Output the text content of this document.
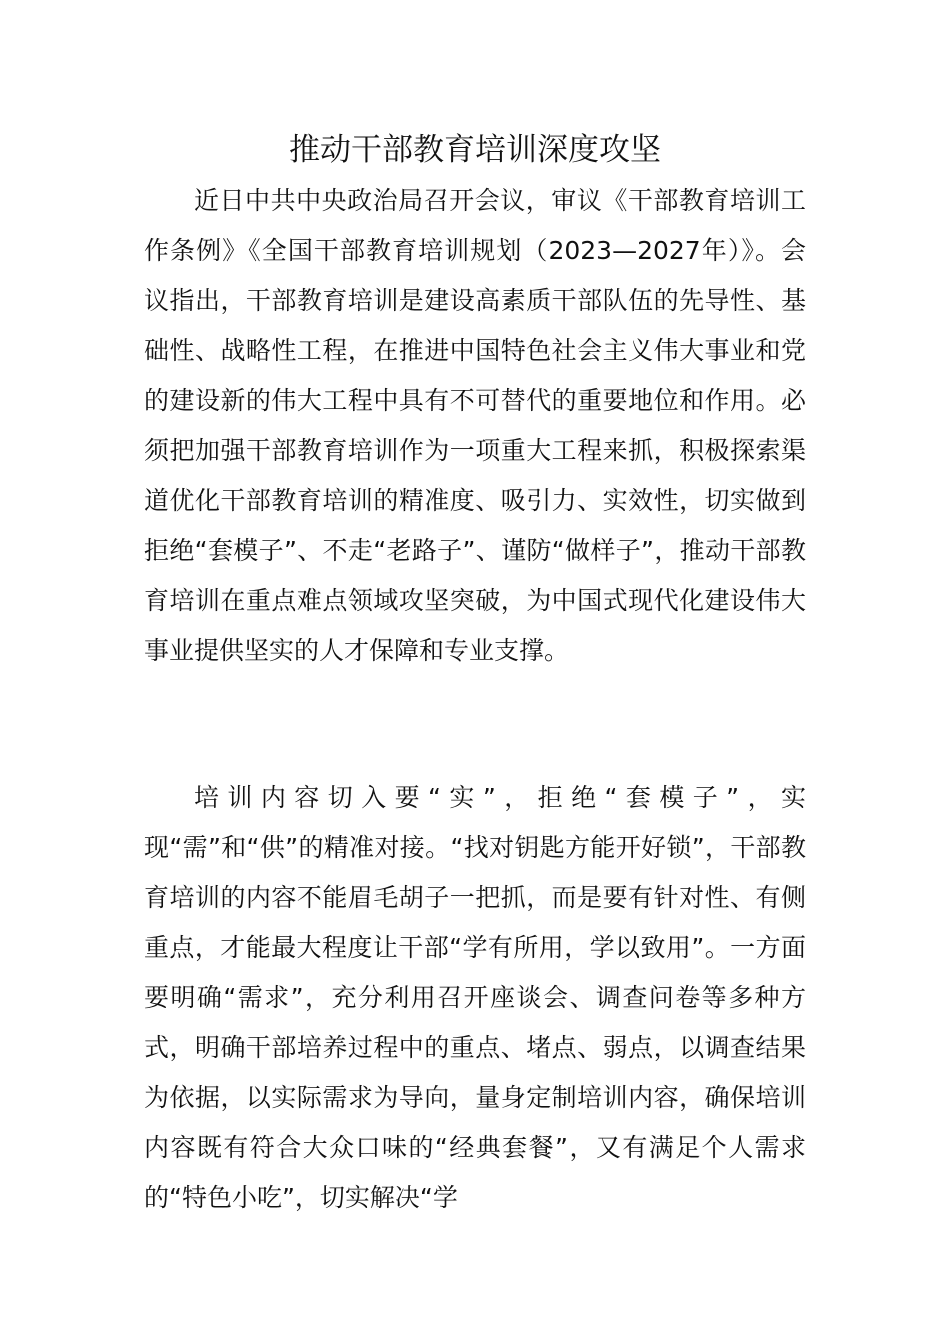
推动干部教育培训深度攻坚

近日中共中央政治局召开会议，审议《干部教育培训工作条例》《全国干部教育培训规划（2023—2027年）》。会议指出，干部教育培训是建设高素质干部队伍的先导性、基础性、战略性工程，在推进中国特色社会主义伟大事业和党的建设新的伟大工程中具有不可替代的重要地位和作用。必须把加强干部教育培训作为一项重大工程来抓，积极探索渠道优化干部教育培训的精准度、吸引力、实效性，切实做到拒绝“套模子”、不走“老路子”、谨防“做样子”，推动干部教育培训在重点难点领域攻坚突破，为中国式现代化建设伟大事业提供坚实的人才保障和专业支撑。

培训内容切入要“实”，拒绝“套模子”，实现“需”和“供”的精准对接。“找对钥匙方能开好锁”，干部教育培训的内容不能眉毛胡子一把抓，而是要有针对性、有侧重点，才能最大程度让干部“学有所用，学以致用”。一方面要明确“需求”，充分利用召开座谈会、调查问卷等多种方式，明确干部培养过程中的重点、堵点、弱点，以调查结果为依据，以实际需求为导向，量身定制培训内容，确保培训内容既有符合大众口味的“经典套餐”，又有满足个人需求的“特色小吃”，切实解决“学
